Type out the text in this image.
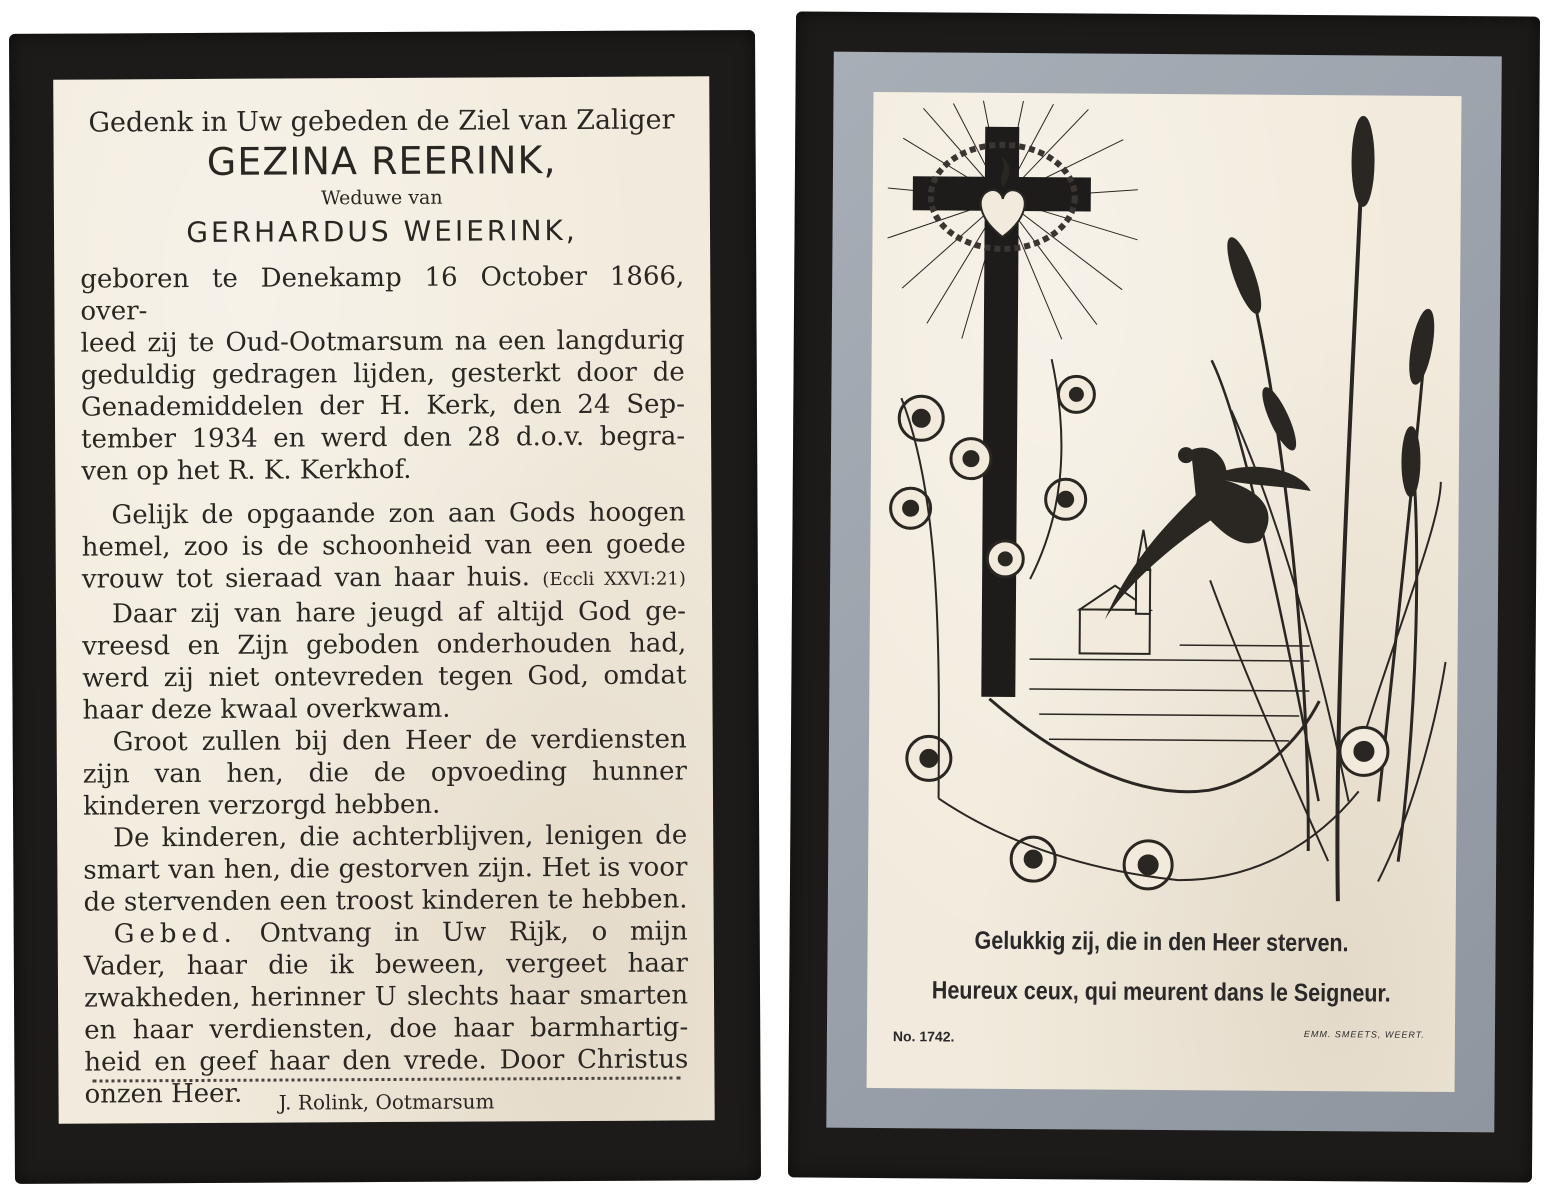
Gedenk in Uw gebeden de Ziel van Zaliger
GEZINA REERINK,
Weduwe van
GERHARDUS WEIERINK,
geboren te Denekamp 16 October 1866, over-
leed zij te Oud-Ootmarsum na een langdurig
geduldig gedragen lijden, gesterkt door de
Genademiddelen der H. Kerk, den 24 Sep-
tember 1934 en werd den 28 d.o.v. begra-
ven op het R. K. Kerkhof.
Gelijk de opgaande zon aan Gods hoogen
hemel, zoo is de schoonheid van een goede
vrouw tot sieraad van haar huis. (Eccli XXVI:21)
Daar zij van hare jeugd af altijd God ge-
vreesd en Zijn geboden onderhouden had,
werd zij niet ontevreden tegen God, omdat
haar deze kwaal overkwam.
Groot zullen bij den Heer de verdiensten
zijn van hen, die de opvoeding hunner
kinderen verzorgd hebben.
De kinderen, die achterblijven, lenigen de
smart van hen, die gestorven zijn. Het is voor
de stervenden een troost kinderen te hebben.
Gebed. Ontvang in Uw Rijk, o mijn
Vader, haar die ik beween, vergeet haar
zwakheden, herinner U slechts haar smarten
en haar verdiensten, doe haar barmhartig-
heid en geef haar den vrede. Door Christus
onzen Heer.	J. Rolink, Ootmarsum
Gelukkig zij, die in den Heer sterven.
Heureux ceux, qui meurent dans le Seigneur.
No. 1742.	EMM. SMEETS, WEERT.
